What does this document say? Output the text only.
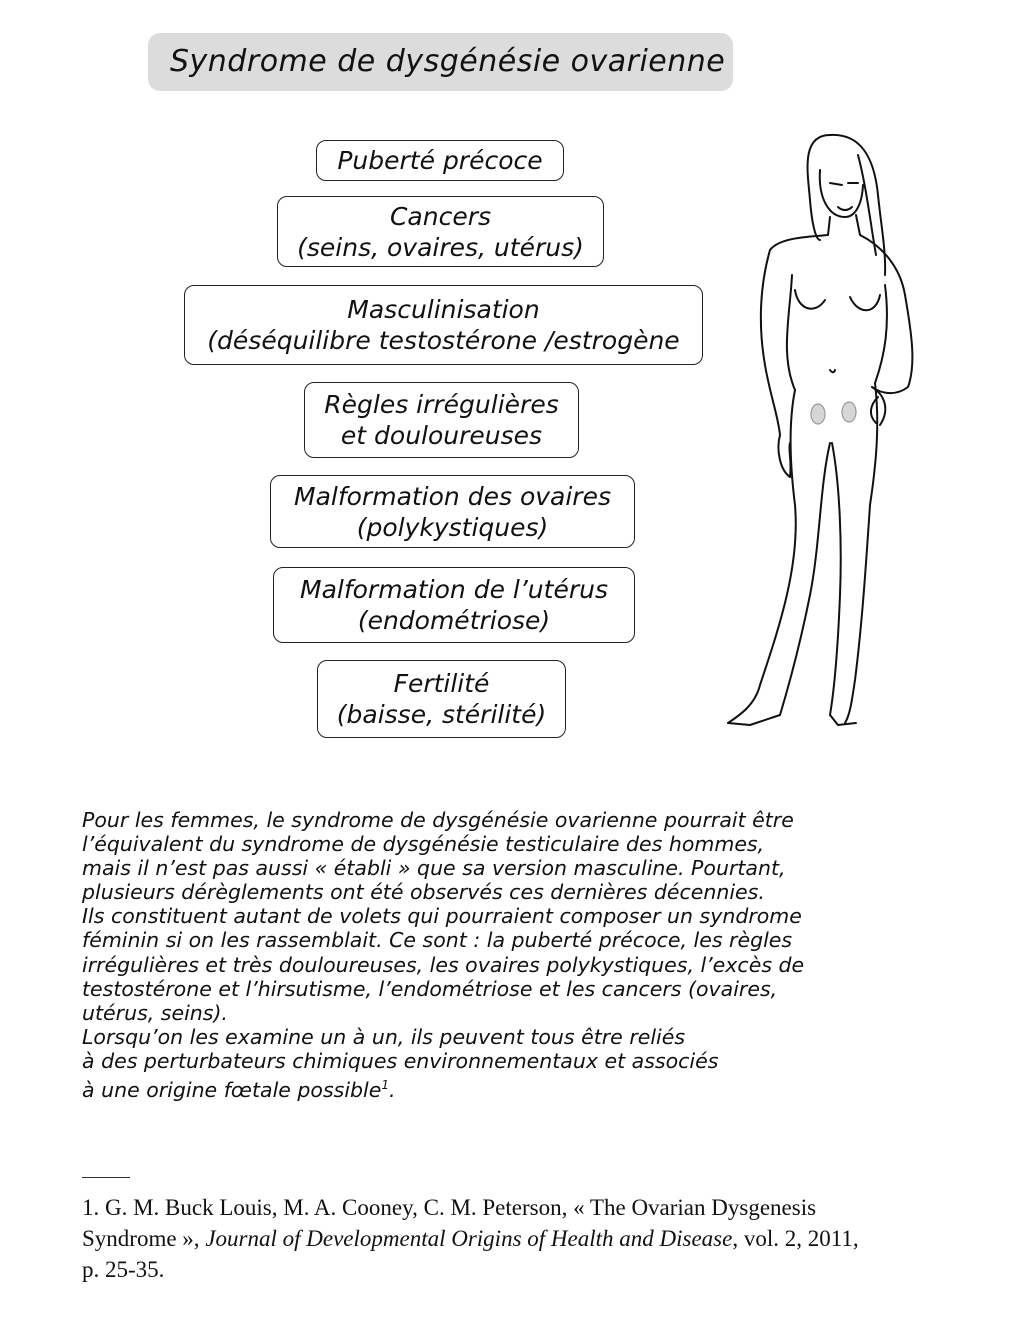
Syndrome de dysgénésie ovarienne
Puberté précoce
Cancers
(seins, ovaires, utérus)
Masculinisation
(déséquilibre testostérone /estrogène
Règles irrégulières
et douloureuses
Malformation des ovaires
(polykystiques)
Malformation de l’utérus
(endométriose)
Fertilité
(baisse, stérilité)

Pour les femmes, le syndrome de dysgénésie ovarienne pourrait être

l’équivalent du syndrome de dysgénésie testiculaire des hommes,

mais il n’est pas aussi « établi » que sa version masculine. Pourtant,

plusieurs dérèglements ont été observés ces dernières décennies.

Ils constituent autant de volets qui pourraient composer un syndrome

féminin si on les rassemblait. Ce sont : la puberté précoce, les règles

irrégulières et très douloureuses, les ovaires polykystiques, l’excès de

testostérone et l’hirsutisme, l’endométriose et les cancers (ovaires,

utérus, seins).

Lorsqu’on les examine un à un, ils peuvent tous être reliés

à des perturbateurs chimiques environnementaux et associés

à une origine fœtale possible$^1$.

1. G. M. Buck Louis, M. A. Cooney, C. M. Peterson, « The Ovarian Dysgenesis

Syndrome », Journal of Developmental Origins of Health and Disease, vol. 2, 2011,

p. 25-35.
